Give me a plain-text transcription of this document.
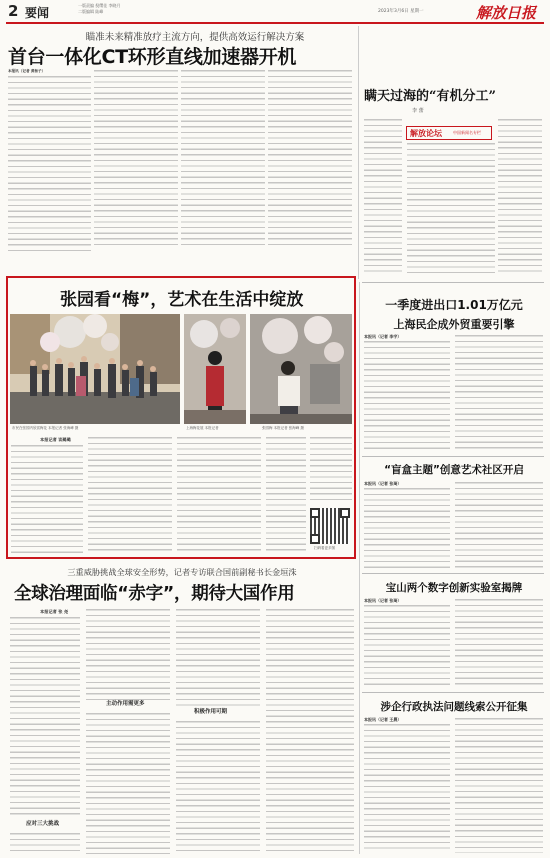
2 要闻
一版责编 倪缨佳 李晓月
二版编辑 陆峰	2023年3月6日 星期一	解放日报
瞄准未来精准放疗主流方向，提供高效运行解决方案
首台一体化CT环形直线加速器开机
本报讯（记者 黄杨子）
瞒天过海的“有机分工”
李 蕾
解放论坛	中国新闻名专栏
张园看“梅”，艺术在生活中绽放
市民在张园内欣赏梅花 本报记者 张海峰 摄	上海梅花展 本报记者	张园梅 本报记者 张海峰 摄
本报记者 谈璐璐
扫码看更多图
一季度进出口1.01万亿元
上海民企成外贸重要引擎
本报讯（记者 李宇）
“盲盒主题”创意艺术社区开启
本报讯（记者 张琦）
宝山两个数字创新实验室揭牌
本报讯（记者 张琦）
涉企行政执法问题线索公开征集
本报讯（记者 王晨）
三重威胁挑战全球安全形势，记者专访联合国前副秘书长金垣洙
全球治理面临“赤字”，期待大国作用
本报记者 张 尧
应对三大挑战
主动作用需更多
积极作用可期
